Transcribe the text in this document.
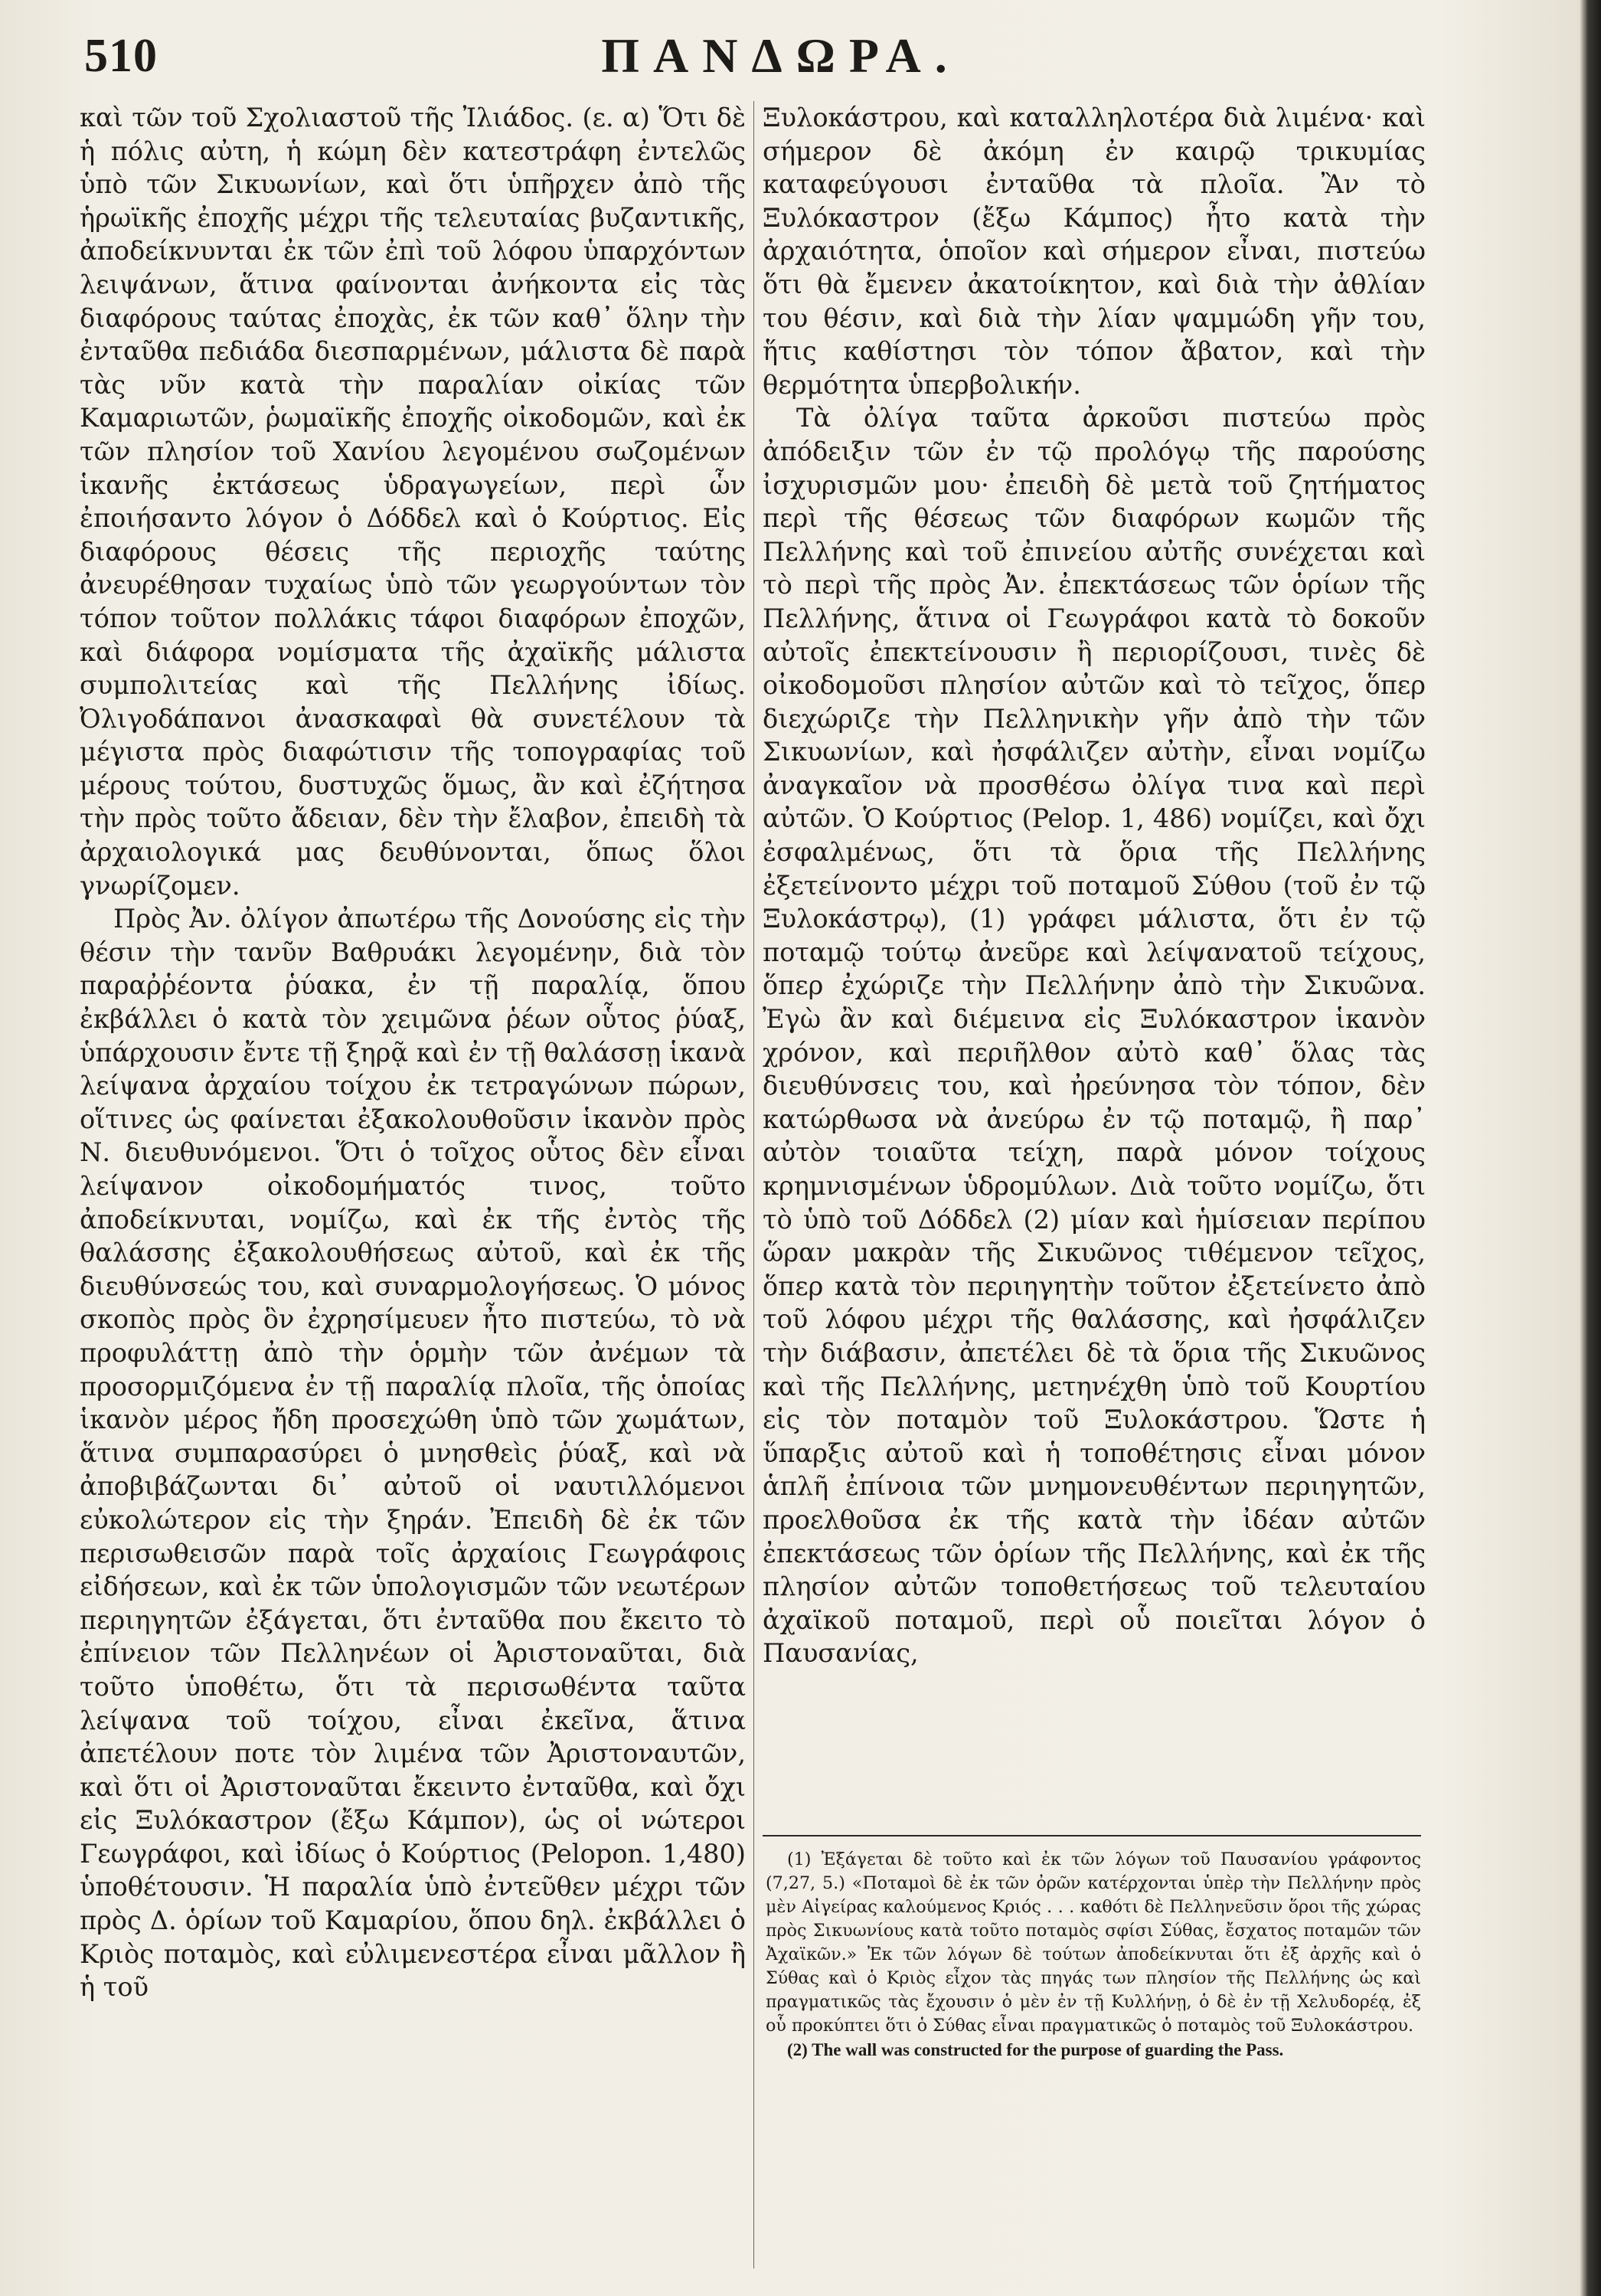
510	ΠΑΝΔΩΡΑ.

καὶ τῶν τοῦ Σχολιαστοῦ τῆς Ἰλιάδος. (ε. α) Ὅτι δὲ ἡ πόλις αὐτη, ἡ κώμη δὲν κατεστράφη ἐντελῶς ὑπὸ τῶν Σικυωνίων, καὶ ὅτι ὑπῆρχεν ἀπὸ τῆς ἡρωϊκῆς ἐποχῆς μέχρι τῆς τελευταίας βυζαντικῆς, ἀποδείκνυνται ἐκ τῶν ἐπὶ τοῦ λόφου ὑπαρχόντων λειψάνων, ἅτινα φαίνονται ἀνήκοντα εἰς τὰς διαφόρους ταύτας ἐποχὰς, ἐκ τῶν καθ᾽ ὅλην τὴν ἐνταῦθα πεδιάδα διεσπαρμένων, μάλιστα δὲ παρὰ τὰς νῦν κατὰ τὴν παραλίαν οἰκίας τῶν Καμαριωτῶν, ῥωμαϊκῆς ἐποχῆς οἰκοδομῶν, καὶ ἐκ τῶν πλησίον τοῦ Χανίου λεγομένου σωζομένων ἱκανῆς ἐκτάσεως ὑδραγωγείων, περὶ ὧν ἐποιήσαντο λόγον ὁ Δόδδελ καὶ ὁ Κούρτιος. Εἰς διαφόρους θέσεις τῆς περιοχῆς ταύτης ἀνευρέθησαν τυχαίως ὑπὸ τῶν γεωργούντων τὸν τόπον τοῦτον πολλάκις τάφοι διαφόρων ἐποχῶν, καὶ διάφορα νομίσματα τῆς ἀχαϊκῆς μάλιστα συμπολιτείας καὶ τῆς Πελλήνης ἰδίως. Ὀλιγοδάπανοι ἀνασκαφαὶ θὰ συνετέλουν τὰ μέγιστα πρὸς διαφώτισιν τῆς τοπογραφίας τοῦ μέρους τούτου, δυστυχῶς ὅμως, ἂν καὶ ἐζήτησα τὴν πρὸς τοῦτο ἄδειαν, δὲν τὴν ἔλαβον, ἐπειδὴ τὰ ἀρχαιολογικά μας δευθύνονται, ὅπως ὅλοι γνωρίζομεν.

Πρὸς Ἀν. ὀλίγον ἀπωτέρω τῆς Δονούσης εἰς τὴν θέσιν τὴν τανῦν Βαθρυάκι λεγομένην, διὰ τὸν παραῤῥέοντα ῥύακα, ἐν τῇ παραλίᾳ, ὅπου ἐκβάλλει ὁ κατὰ τὸν χειμῶνα ῥέων οὗτος ῥύαξ, ὑπάρχουσιν ἔντε τῇ ξηρᾷ καὶ ἐν τῇ θαλάσσῃ ἱκανὰ λείψανα ἀρχαίου τοίχου ἐκ τετραγώνων πώρων, οἵτινες ὡς φαίνεται ἐξακολουθοῦσιν ἱκανὸν πρὸς Ν. διευθυνόμενοι. Ὅτι ὁ τοῖχος οὗτος δὲν εἶναι λείψανον οἰκοδομήματός τινος, τοῦτο ἀποδείκνυται, νομίζω, καὶ ἐκ τῆς ἐντὸς τῆς θαλάσσης ἐξακολουθήσεως αὐτοῦ, καὶ ἐκ τῆς διευθύνσεώς του, καὶ συναρμολογήσεως. Ὁ μόνος σκοπὸς πρὸς ὃν ἐχρησίμευεν ἦτο πιστεύω, τὸ νὰ προφυλάττῃ ἀπὸ τὴν ὁρμὴν τῶν ἀνέμων τὰ προσορμιζόμενα ἐν τῇ παραλίᾳ πλοῖα, τῆς ὁποίας ἱκανὸν μέρος ἤδη προσεχώθη ὑπὸ τῶν χωμάτων, ἅτινα συμπαρασύρει ὁ μνησθεὶς ῥύαξ, καὶ νὰ ἀποβιβάζωνται δι᾽ αὐτοῦ οἱ ναυτιλλόμενοι εὐκολώτερον εἰς τὴν ξηράν. Ἐπειδὴ δὲ ἐκ τῶν περισωθεισῶν παρὰ τοῖς ἀρχαίοις Γεωγράφοις εἰδήσεων, καὶ ἐκ τῶν ὑπολογισμῶν τῶν νεωτέρων περιηγητῶν ἐξάγεται, ὅτι ἐνταῦθα που ἔκειτο τὸ ἐπίνειον τῶν Πελληνέων οἱ Ἀριστοναῦται, διὰ τοῦτο ὑποθέτω, ὅτι τὰ περισωθέντα ταῦτα λείψανα τοῦ τοίχου, εἶναι ἐκεῖνα, ἅτινα ἀπετέλουν ποτε τὸν λιμένα τῶν Ἀριστοναυτῶν, καὶ ὅτι οἱ Ἀριστοναῦται ἔκειντο ἐνταῦθα, καὶ ὄχι εἰς Ξυλόκαστρον (ἔξω Κάμπον), ὡς οἱ νώτεροι Γεωγράφοι, καὶ ἰδίως ὁ Κούρτιος (Pelopon. 1,480) ὑποθέτουσιν. Ἡ παραλία ὑπὸ ἐντεῦθεν μέχρι τῶν πρὸς Δ. ὁρίων τοῦ Καμαρίου, ὅπου δηλ. ἐκβάλλει ὁ Κριὸς ποταμὸς, καὶ εὐλιμενεστέρα εἶναι μᾶλλον ἢ ἡ τοῦ

Ξυλοκάστρου, καὶ καταλληλοτέρα διὰ λιμένα· καὶ σήμερον δὲ ἀκόμη ἐν καιρῷ τρικυμίας καταφεύγουσι ἐνταῦθα τὰ πλοῖα. Ἂν τὸ Ξυλόκαστρον (ἔξω Κάμπος) ἦτο κατὰ τὴν ἀρχαιότητα, ὁποῖον καὶ σήμερον εἶναι, πιστεύω ὅτι θὰ ἔμενεν ἀκατοίκητον, καὶ διὰ τὴν ἀθλίαν του θέσιν, καὶ διὰ τὴν λίαν ψαμμώδη γῆν του, ἥτις καθίστησι τὸν τόπον ἄβατον, καὶ τὴν θερμότητα ὑπερβολικήν.

Τὰ ὀλίγα ταῦτα ἀρκοῦσι πιστεύω πρὸς ἀπόδειξιν τῶν ἐν τῷ προλόγῳ τῆς παρούσης ἰσχυρισμῶν μου· ἐπειδὴ δὲ μετὰ τοῦ ζητήματος περὶ τῆς θέσεως τῶν διαφόρων κωμῶν τῆς Πελλήνης καὶ τοῦ ἐπινείου αὐτῆς συνέχεται καὶ τὸ περὶ τῆς πρὸς Ἀν. ἐπεκτάσεως τῶν ὁρίων τῆς Πελλήνης, ἅτινα οἱ Γεωγράφοι κατὰ τὸ δοκοῦν αὐτοῖς ἐπεκτείνουσιν ἢ περιορίζουσι, τινὲς δὲ οἰκοδομοῦσι πλησίον αὐτῶν καὶ τὸ τεῖχος, ὅπερ διεχώριζε τὴν Πελληνικὴν γῆν ἀπὸ τὴν τῶν Σικυωνίων, καὶ ἠσφάλιζεν αὐτὴν, εἶναι νομίζω ἀναγκαῖον νὰ προσθέσω ὀλίγα τινα καὶ περὶ αὐτῶν. Ὁ Κούρτιος (Pelop. 1, 486) νομίζει, καὶ ὄχι ἐσφαλμένως, ὅτι τὰ ὅρια τῆς Πελλήνης ἐξετείνοντο μέχρι τοῦ ποταμοῦ Σύθου (τοῦ ἐν τῷ Ξυλοκάστρῳ), (1) γράφει μάλιστα, ὅτι ἐν τῷ ποταμῷ τούτῳ ἀνεῦρε καὶ λείψανατοῦ τείχους, ὅπερ ἐχώριζε τὴν Πελλήνην ἀπὸ τὴν Σικυῶνα. Ἐγὼ ἂν καὶ διέμεινα εἰς Ξυλόκαστρον ἱκανὸν χρόνον, καὶ περιῆλθον αὐτὸ καθ᾽ ὅλας τὰς διευθύνσεις του, καὶ ἠρεύνησα τὸν τόπον, δὲν κατώρθωσα νὰ ἀνεύρω ἐν τῷ ποταμῷ, ἢ παρ᾽ αὐτὸν τοιαῦτα τείχη, παρὰ μόνον τοίχους κρημνισμένων ὑδρομύλων. Διὰ τοῦτο νομίζω, ὅτι τὸ ὑπὸ τοῦ Δόδδελ (2) μίαν καὶ ἡμίσειαν περίπου ὥραν μακρὰν τῆς Σικυῶνος τιθέμενον τεῖχος, ὅπερ κατὰ τὸν περιηγητὴν τοῦτον ἐξετείνετο ἀπὸ τοῦ λόφου μέχρι τῆς θαλάσσης, καὶ ἠσφάλιζεν τὴν διάβασιν, ἀπετέλει δὲ τὰ ὅρια τῆς Σικυῶνος καὶ τῆς Πελλήνης, μετηνέχθη ὑπὸ τοῦ Κουρτίου εἰς τὸν ποταμὸν τοῦ Ξυλοκάστρου. Ὥστε ἡ ὕπαρξις αὐτοῦ καὶ ἡ τοποθέτησις εἶναι μόνον ἁπλῆ ἐπίνοια τῶν μνημονευθέντων περιηγητῶν, προελθοῦσα ἐκ τῆς κατὰ τὴν ἰδέαν αὐτῶν ἐπεκτάσεως τῶν ὁρίων τῆς Πελλήνης, καὶ ἐκ τῆς πλησίον αὐτῶν τοποθετήσεως τοῦ τελευταίου ἀχαϊκοῦ ποταμοῦ, περὶ οὗ ποιεῖται λόγον ὁ Παυσανίας,

(1) Ἐξάγεται δὲ τοῦτο καὶ ἐκ τῶν λόγων τοῦ Παυσανίου γράφοντος (7,27, 5.) «Ποταμοὶ δὲ ἐκ τῶν ὀρῶν κατέρχονται ὑπὲρ τὴν Πελλήνην πρὸς μὲν Αἰγείρας καλούμενος Κριός . . . καθότι δὲ Πελληνεῦσιν ὅροι τῆς χώρας πρὸς Σικυωνίους κατὰ τοῦτο ποταμὸς σφίσι Σύθας, ἔσχατος ποταμῶν τῶν Ἀχαϊκῶν.» Ἐκ τῶν λόγων δὲ τούτων ἀποδείκνυται ὅτι ἐξ ἀρχῆς καὶ ὁ Σύθας καὶ ὁ Κριὸς εἶχον τὰς πηγάς των πλησίον τῆς Πελλήνης ὡς καὶ πραγματικῶς τὰς ἔχουσιν ὁ μὲν ἐν τῇ Κυλλήνῃ, ὁ δὲ ἐν τῇ Χελυδορέᾳ, ἐξ οὗ προκύπτει ὅτι ὁ Σύθας εἶναι πραγματικῶς ὁ ποταμὸς τοῦ Ξυλοκάστρου.

(2) The wall was constructed for the purpose of guarding the Pass.
